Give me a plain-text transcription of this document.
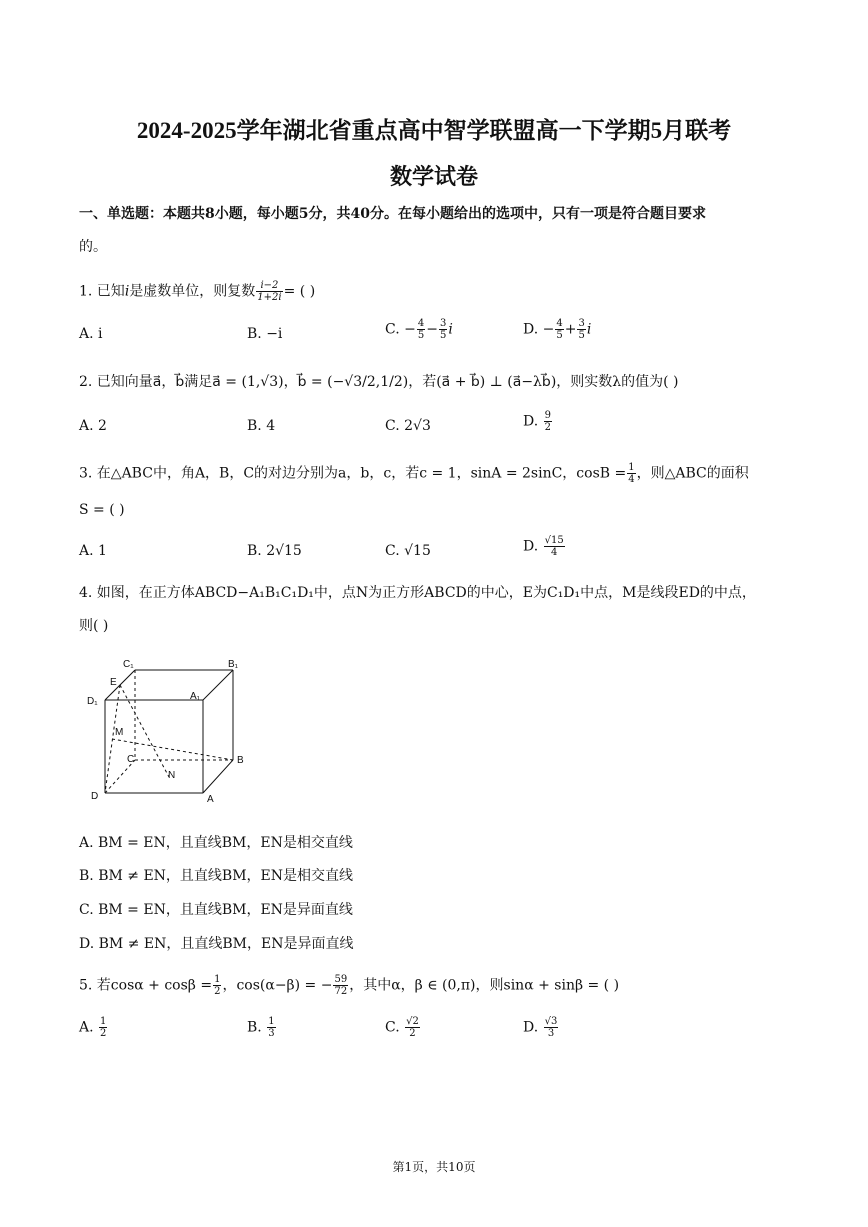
2024-2025学年湖北省重点高中智学联盟高一下学期5月联考
数学试卷
一、单选题：本题共8小题，每小题5分，共40分。在每小题给出的选项中，只有一项是符合题目要求
的。
1. 已知i是虚数单位，则复数 $\frac{i-2}{1+2i}$ = ( )
A. i	B. −i	C. − $\frac{4}{5} - \frac{3}{5}$ i	D. − $\frac{4}{5} + \frac{3}{5}$ i
2. 已知向量a⃗，b⃗满足a⃗ = (1,√3)，b⃗ = (−√3/2,1/2)，若(a⃗ + b⃗) ⊥ (a⃗−λb⃗)，则实数λ的值为( )
A. 2	B. 4	C. 2√3	D. $\frac{9}{2}$
3. 在△ABC中，角A，B，C的对边分别为a，b，c，若c = 1，sinA = 2sinC，$\cos B = \frac{1}{4}$ ，则△ABC的面积
S = ( )
A. 1	B. 2√15	C. √15	D. $\frac{√15}{4}$
4. 如图，在正方体ABCD−A₁B₁C₁D₁中，点N为正方形ABCD的中心，E为C₁D₁中点，M是线段ED的中点，
则( )
C₁	B₁
A₁
D₁
E
M
C
N
B
D	A
A. BM = EN，且直线BM，EN是相交直线
B. BM ≠ EN，且直线BM，EN是相交直线
C. BM = EN，且直线BM，EN是异面直线
D. BM ≠ EN，且直线BM，EN是异面直线
5. 若$\cos\alpha + \cos\beta = \frac{1}{2}$ ，cos(α−β) = − $\frac{59}{72}$ ，其中α，β ∈ (0,π)，则sinα + sinβ = ( )
A. $\frac{1}{2}$	B. $\frac{1}{3}$	C. $\frac{√2}{2}$	D. $\frac{√3}{3}$
第1页，共10页
